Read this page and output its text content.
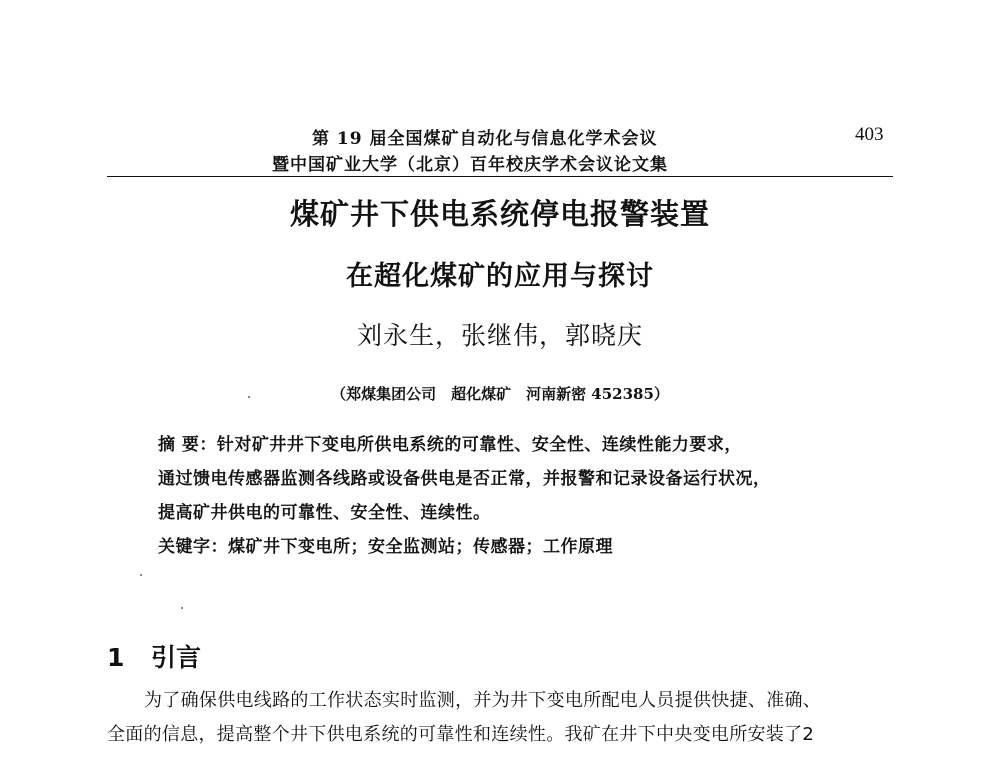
第 19 届全国煤矿自动化与信息化学术会议
暨中国矿业大学（北京）百年校庆学术会议论文集
403
煤矿井下供电系统停电报警装置
在超化煤矿的应用与探讨
刘永生，张继伟，郭晓庆
（郑煤集团公司　超化煤矿　河南新密 452385）
摘 要：针对矿井井下变电所供电系统的可靠性、安全性、连续性能力要求，
通过馈电传感器监测各线路或设备供电是否正常，并报警和记录设备运行状况，
提高矿井供电的可靠性、安全性、连续性。
关键字：煤矿井下变电所；安全监测站；传感器；工作原理
1 引言
为了确保供电线路的工作状态实时监测，并为井下变电所配电人员提供快捷、准确、
全面的信息，提高整个井下供电系统的可靠性和连续性。我矿在井下中央变电所安装了2
